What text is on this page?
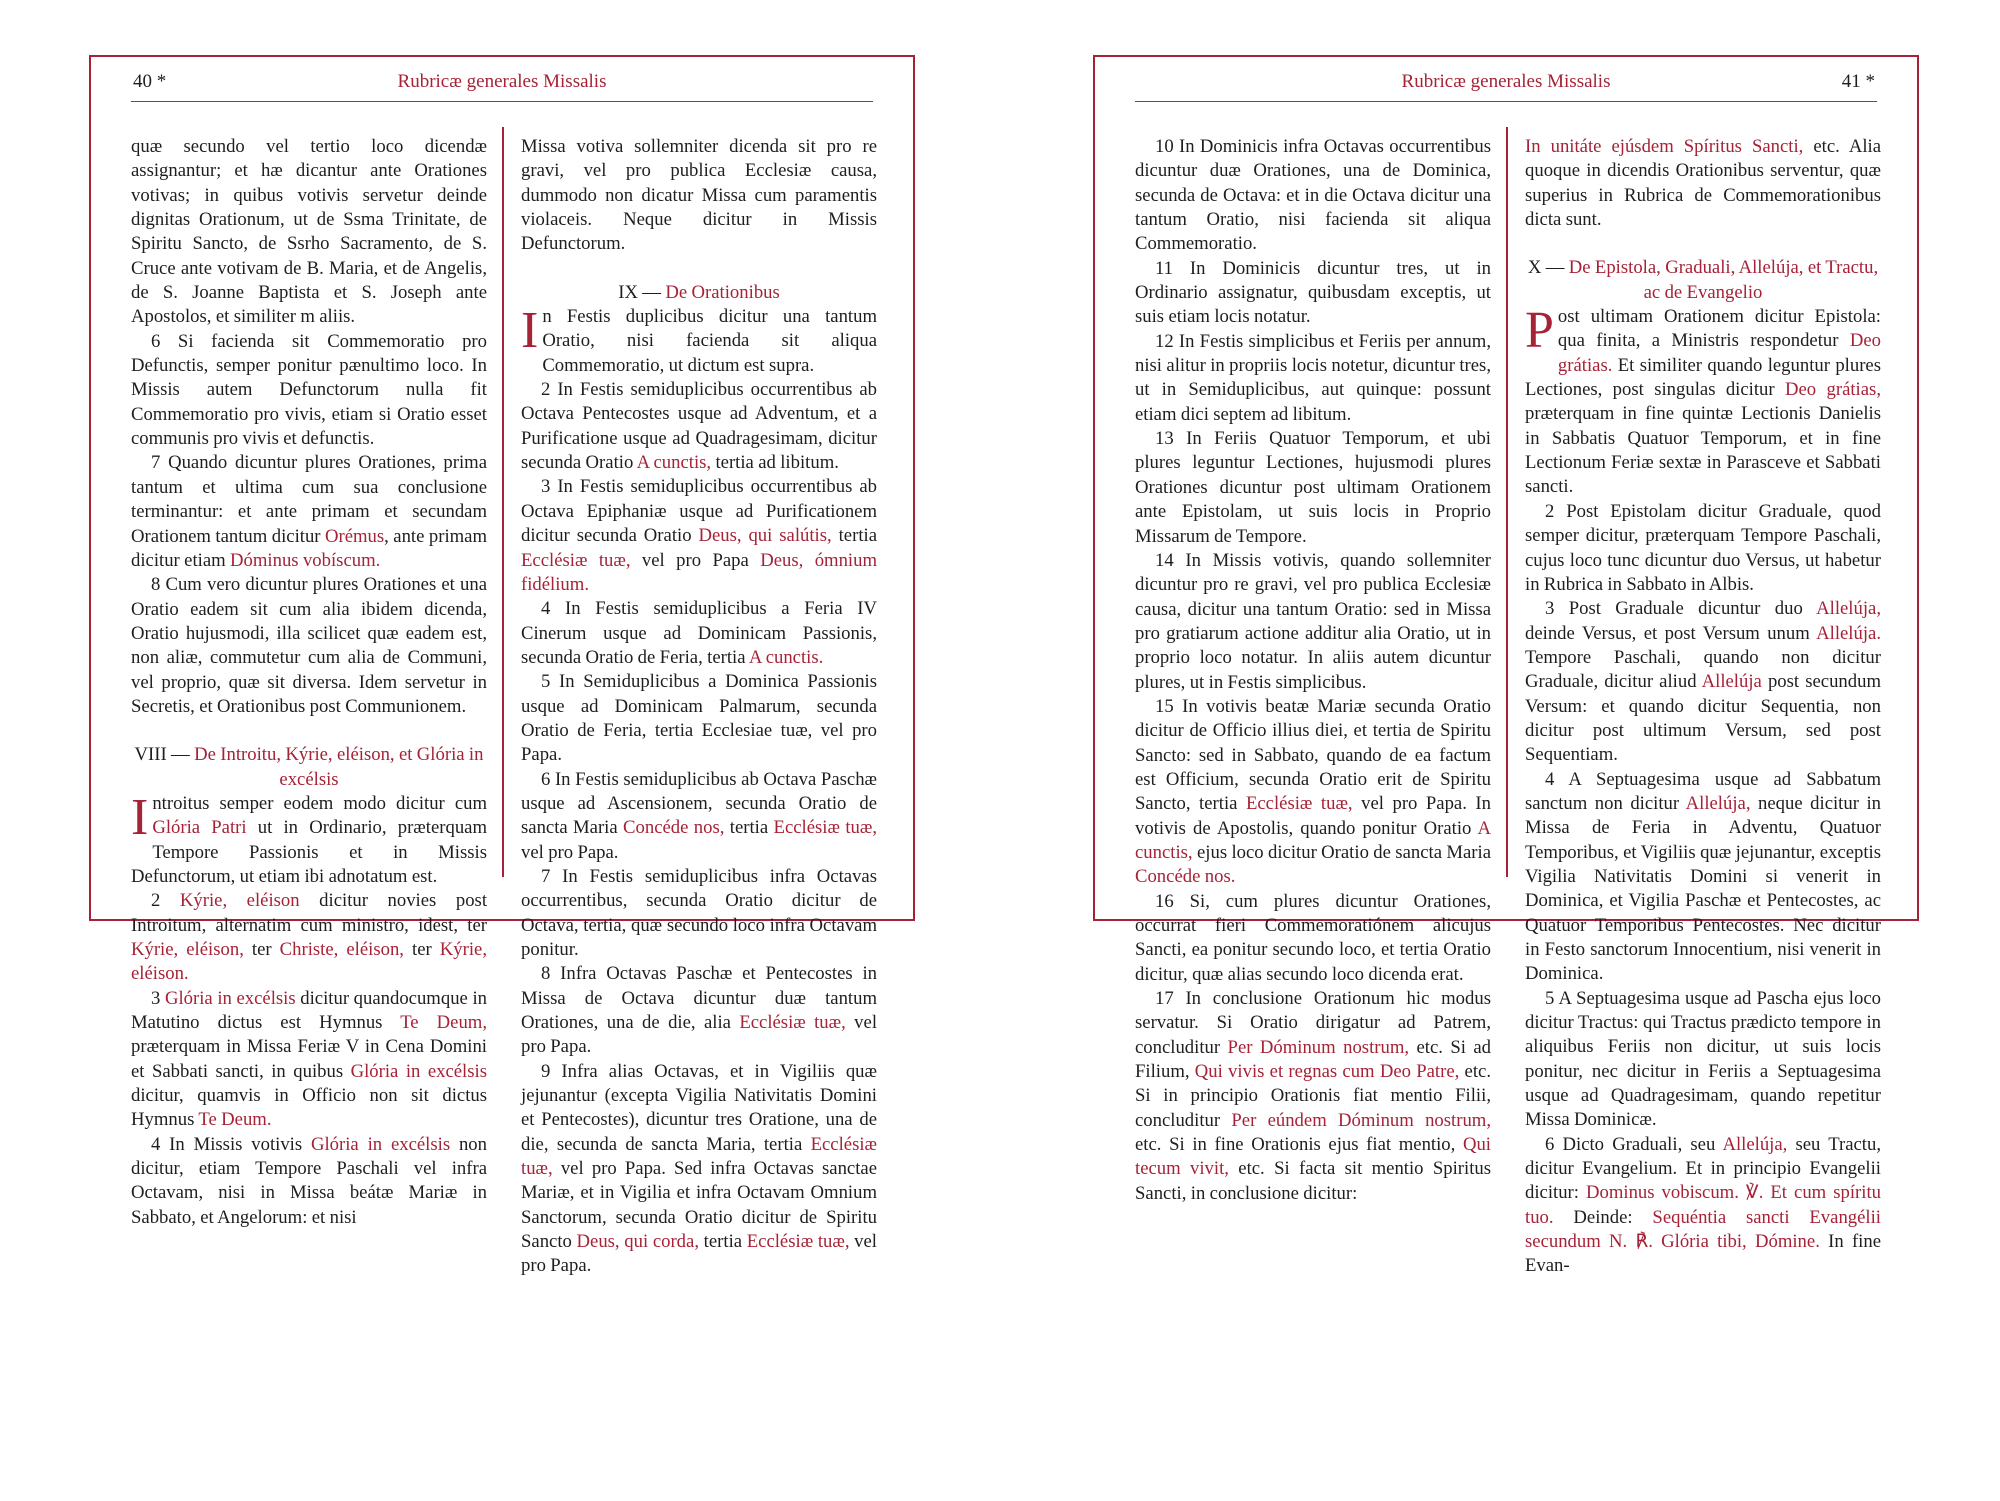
40 *	Rubricæ generales Missalis

quæ secundo vel tertio loco dicendæ assignantur; et hæ dicantur ante Orationes votivas; in quibus votivis servetur deinde dignitas Orationum, ut de Ssma Trinitate, de Spiritu Sancto, de Ssrho Sacramento, de S. Cruce ante votivam de B. Maria, et de Angelis, de S. Joanne Baptista et S. Joseph ante Apostolos, et similiter m aliis.

6 Si facienda sit Commemoratio pro Defunctis, semper ponitur pænultimo loco. In Missis autem Defunctorum nulla fit Commemoratio pro vivis, etiam si Oratio esset communis pro vivis et defunctis.

7 Quando dicuntur plures Orationes, prima tantum et ultima cum sua conclusione terminantur: et ante primam et secundam Orationem tantum dicitur Orémus, ante primam dicitur etiam Dóminus vobíscum.

8 Cum vero dicuntur plures Orationes et una Oratio eadem sit cum alia ibidem dicenda, Oratio hujusmodi, illa scilicet quæ eadem est, non aliæ, commutetur cum alia de Communi, vel proprio, quæ sit diversa. Idem servetur in Secretis, et Orationibus post Communionem.

VIII — De Introitu, Kýrie, eléison, et Glória in excélsis

Introitus semper eodem modo dicitur cum Glória Patri ut in Ordinario, præterquam Tempore Passionis et in Missis Defunctorum, ut etiam ibi adnotatum est.

2 Kýrie, eléison dicitur novies post Introitum, alternatim cum ministro, idest, ter Kýrie, eléison, ter Christe, eléison, ter Kýrie, eléison.

3 Glória in excélsis dicitur quandocumque in Matutino dictus est Hymnus Te Deum, præterquam in Missa Feriæ V in Cena Domini et Sabbati sancti, in quibus Glória in excélsis dicitur, quamvis in Officio non sit dictus Hymnus Te Deum.

4 In Missis votivis Glória in excélsis non dicitur, etiam Tempore Paschali vel infra Octavam, nisi in Missa beátæ Mariæ in Sabbato, et Angelorum: et nisi

Missa votiva sollemniter dicenda sit pro re gravi, vel pro publica Ecclesiæ causa, dummodo non dicatur Missa cum paramentis violaceis. Neque dicitur in Missis Defunctorum.

IX — De Orationibus

In Festis duplicibus dicitur una tantum Oratio, nisi facienda sit aliqua Commemoratio, ut dictum est supra.

2 In Festis semiduplicibus occurrentibus ab Octava Pentecostes usque ad Adventum, et a Purificatione usque ad Quadragesimam, dicitur secunda Oratio A cunctis, tertia ad libitum.

3 In Festis semiduplicibus occurrentibus ab Octava Epiphaniæ usque ad Purificationem dicitur secunda Oratio Deus, qui salútis, tertia Ecclésiæ tuæ, vel pro Papa Deus, ómnium fidélium.

4 In Festis semiduplicibus a Feria IV Cinerum usque ad Dominicam Passionis, secunda Oratio de Feria, tertia A cunctis.

5 In Semiduplicibus a Dominica Passionis usque ad Dominicam Palmarum, secunda Oratio de Feria, tertia Ecclesiae tuæ, vel pro Papa.

6 In Festis semiduplicibus ab Octava Paschæ usque ad Ascensionem, secunda Oratio de sancta Maria Concéde nos, tertia Ecclésiæ tuæ, vel pro Papa.

7 In Festis semiduplicibus infra Octavas occurrentibus, secunda Oratio dicitur de Octava, tertia, quæ secundo loco infra Octavam ponitur.

8 Infra Octavas Paschæ et Pentecostes in Missa de Octava dicuntur duæ tantum Orationes, una de die, alia Ecclésiæ tuæ, vel pro Papa.

9 Infra alias Octavas, et in Vigiliis quæ jejunantur (excepta Vigilia Nativitatis Domini et Pentecostes), dicuntur tres Oratione, una de die, secunda de sancta Maria, tertia Ecclésiæ tuæ, vel pro Papa. Sed infra Octavas sanctae Mariæ, et in Vigilia et infra Octavam Omnium Sanctorum, secunda Oratio dicitur de Spiritu Sancto Deus, qui corda, tertia Ecclésiæ tuæ, vel pro Papa.

Rubricæ generales Missalis	41 *

10 In Dominicis infra Octavas occurrentibus dicuntur duæ Orationes, una de Dominica, secunda de Octava: et in die Octava dicitur una tantum Oratio, nisi facienda sit aliqua Commemoratio.

11 In Dominicis dicuntur tres, ut in Ordinario assignatur, quibusdam exceptis, ut suis etiam locis notatur.

12 In Festis simplicibus et Feriis per annum, nisi alitur in propriis locis notetur, dicuntur tres, ut in Semiduplicibus, aut quinque: possunt etiam dici septem ad libitum.

13 In Feriis Quatuor Temporum, et ubi plures leguntur Lectiones, hujusmodi plures Orationes dicuntur post ultimam Orationem ante Epistolam, ut suis locis in Proprio Missarum de Tempore.

14 In Missis votivis, quando sollemniter dicuntur pro re gravi, vel pro publica Ecclesiæ causa, dicitur una tantum Oratio: sed in Missa pro gratiarum actione additur alia Oratio, ut in proprio loco notatur. In aliis autem dicuntur plures, ut in Festis simplicibus.

15 In votivis beatæ Mariæ secunda Oratio dicitur de Officio illius diei, et tertia de Spiritu Sancto: sed in Sabbato, quando de ea factum est Officium, secunda Oratio erit de Spiritu Sancto, tertia Ecclésiæ tuæ, vel pro Papa. In votivis de Apostolis, quando ponitur Oratio A cunctis, ejus loco dicitur Oratio de sancta Maria Concéde nos.

16 Si, cum plures dicuntur Orationes, occurrat fieri Commemoratiónem alicujus Sancti, ea ponitur secundo loco, et tertia Oratio dicitur, quæ alias secundo loco dicenda erat.

17 In conclusione Orationum hic modus servatur. Si Oratio dirigatur ad Patrem, concluditur Per Dóminum nostrum, etc. Si ad Filium, Qui vivis et regnas cum Deo Patre, etc. Si in principio Orationis fiat mentio Filii, concluditur Per eúndem Dóminum nostrum, etc. Si in fine Orationis ejus fiat mentio, Qui tecum vivit, etc. Si facta sit mentio Spiritus Sancti, in conclusione dicitur:

In unitáte ejúsdem Spíritus Sancti, etc. Alia quoque in dicendis Orationibus serventur, quæ superius in Rubrica de Commemorationibus dicta sunt.

X — De Epistola, Graduali, Allelúja, et Tractu, ac de Evangelio

Post ultimam Orationem dicitur Epistola: qua finita, a Ministris respondetur Deo grátias. Et similiter quando leguntur plures Lectiones, post singulas dicitur Deo grátias, præterquam in fine quintæ Lectionis Danielis in Sabbatis Quatuor Temporum, et in fine Lectionum Feriæ sextæ in Parasceve et Sabbati sancti.

2 Post Epistolam dicitur Graduale, quod semper dicitur, præterquam Tempore Paschali, cujus loco tunc dicuntur duo Versus, ut habetur in Rubrica in Sabbato in Albis.

3 Post Graduale dicuntur duo Allelúja, deinde Versus, et post Versum unum Allelúja. Tempore Paschali, quando non dicitur Graduale, dicitur aliud Allelúja post secundum Versum: et quando dicitur Sequentia, non dicitur post ultimum Versum, sed post Sequentiam.

4 A Septuagesima usque ad Sabbatum sanctum non dicitur Allelúja, neque dicitur in Missa de Feria in Adventu, Quatuor Temporibus, et Vigiliis quæ jejunantur, exceptis Vigilia Nativitatis Domini si venerit in Dominica, et Vigilia Paschæ et Pentecostes, ac Quatuor Temporibus Pentecostes. Nec dicitur in Festo sanctorum Innocentium, nisi venerit in Dominica.

5 A Septuagesima usque ad Pascha ejus loco dicitur Tractus: qui Tractus prædicto tempore in aliquibus Feriis non dicitur, ut suis locis ponitur, nec dicitur in Feriis a Septuagesima usque ad Quadragesimam, quando repetitur Missa Dominicæ.

6 Dicto Graduali, seu Allelúja, seu Tractu, dicitur Evangelium. Et in principio Evangelii dicitur: Dominus vobiscum. ℣. Et cum spíritu tuo. Deinde: Sequéntia sancti Evangélii secundum N. ℟. Glória tibi, Dómine. In fine Evan-
